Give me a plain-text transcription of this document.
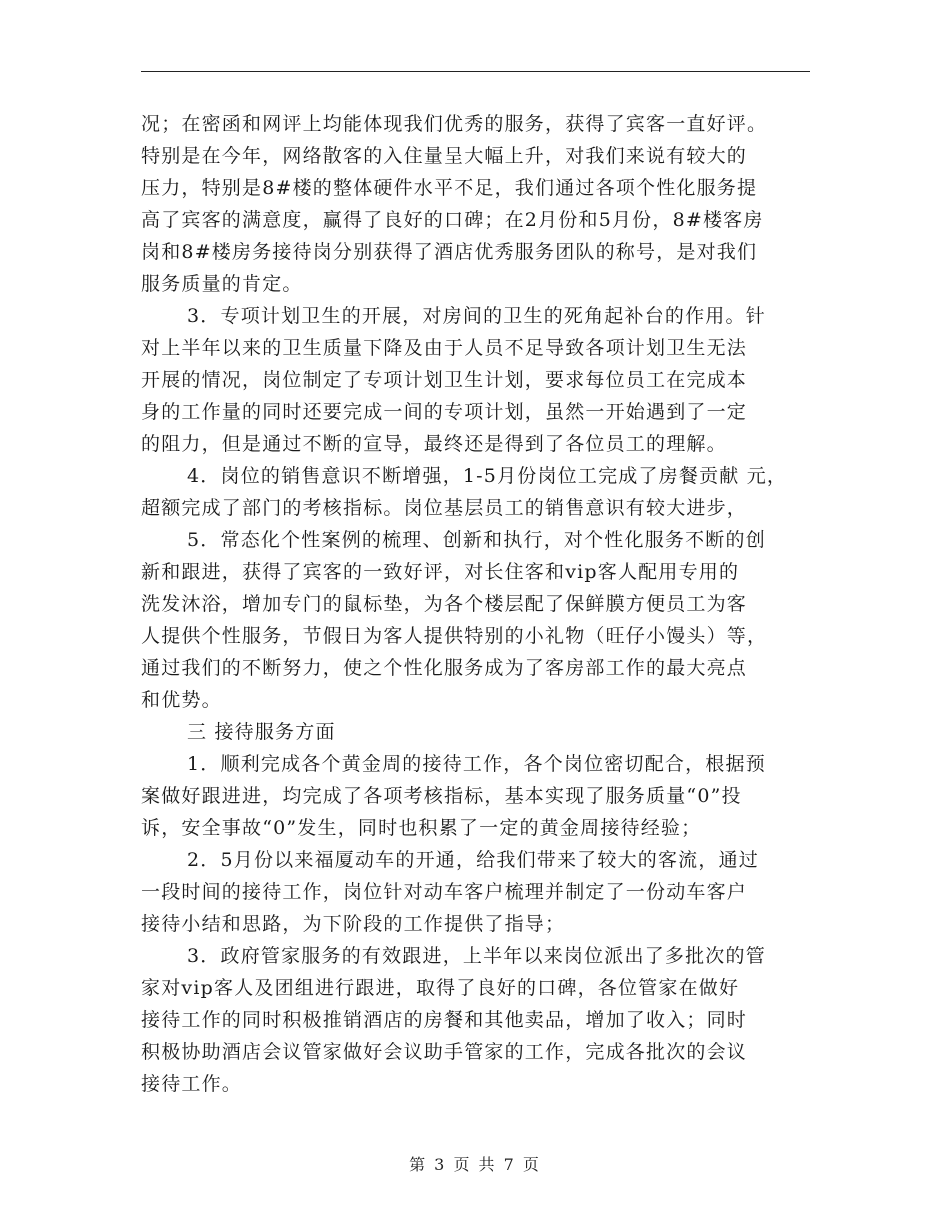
况；在密函和网评上均能体现我们优秀的服务，获得了宾客一直好评。
特别是在今年，网络散客的入住量呈大幅上升，对我们来说有较大的
压力，特别是8#楼的整体硬件水平不足，我们通过各项个性化服务提
高了宾客的满意度，赢得了良好的口碑；在2月份和5月份，8#楼客房
岗和8#楼房务接待岗分别获得了酒店优秀服务团队的称号，是对我们
服务质量的肯定。
3．专项计划卫生的开展，对房间的卫生的死角起补台的作用。针
对上半年以来的卫生质量下降及由于人员不足导致各项计划卫生无法
开展的情况，岗位制定了专项计划卫生计划，要求每位员工在完成本
身的工作量的同时还要完成一间的专项计划，虽然一开始遇到了一定
的阻力，但是通过不断的宣导，最终还是得到了各位员工的理解。
4．岗位的销售意识不断增强，1-5月份岗位工完成了房餐贡献 元，
超额完成了部门的考核指标。岗位基层员工的销售意识有较大进步，
5．常态化个性案例的梳理、创新和执行，对个性化服务不断的创
新和跟进，获得了宾客的一致好评，对长住客和vip客人配用专用的
洗发沐浴，增加专门的鼠标垫，为各个楼层配了保鲜膜方便员工为客
人提供个性服务，节假日为客人提供特别的小礼物（旺仔小馒头）等，
通过我们的不断努力，使之个性化服务成为了客房部工作的最大亮点
和优势。
三 接待服务方面
1．顺利完成各个黄金周的接待工作，各个岗位密切配合，根据预
案做好跟进进，均完成了各项考核指标，基本实现了服务质量“0”投
诉，安全事故“0”发生，同时也积累了一定的黄金周接待经验；
2．5月份以来福厦动车的开通，给我们带来了较大的客流，通过
一段时间的接待工作，岗位针对动车客户梳理并制定了一份动车客户
接待小结和思路，为下阶段的工作提供了指导；
3．政府管家服务的有效跟进，上半年以来岗位派出了多批次的管
家对vip客人及团组进行跟进，取得了良好的口碑，各位管家在做好
接待工作的同时积极推销酒店的房餐和其他卖品，增加了收入；同时
积极协助酒店会议管家做好会议助手管家的工作，完成各批次的会议
接待工作。
第 3 页 共 7 页
